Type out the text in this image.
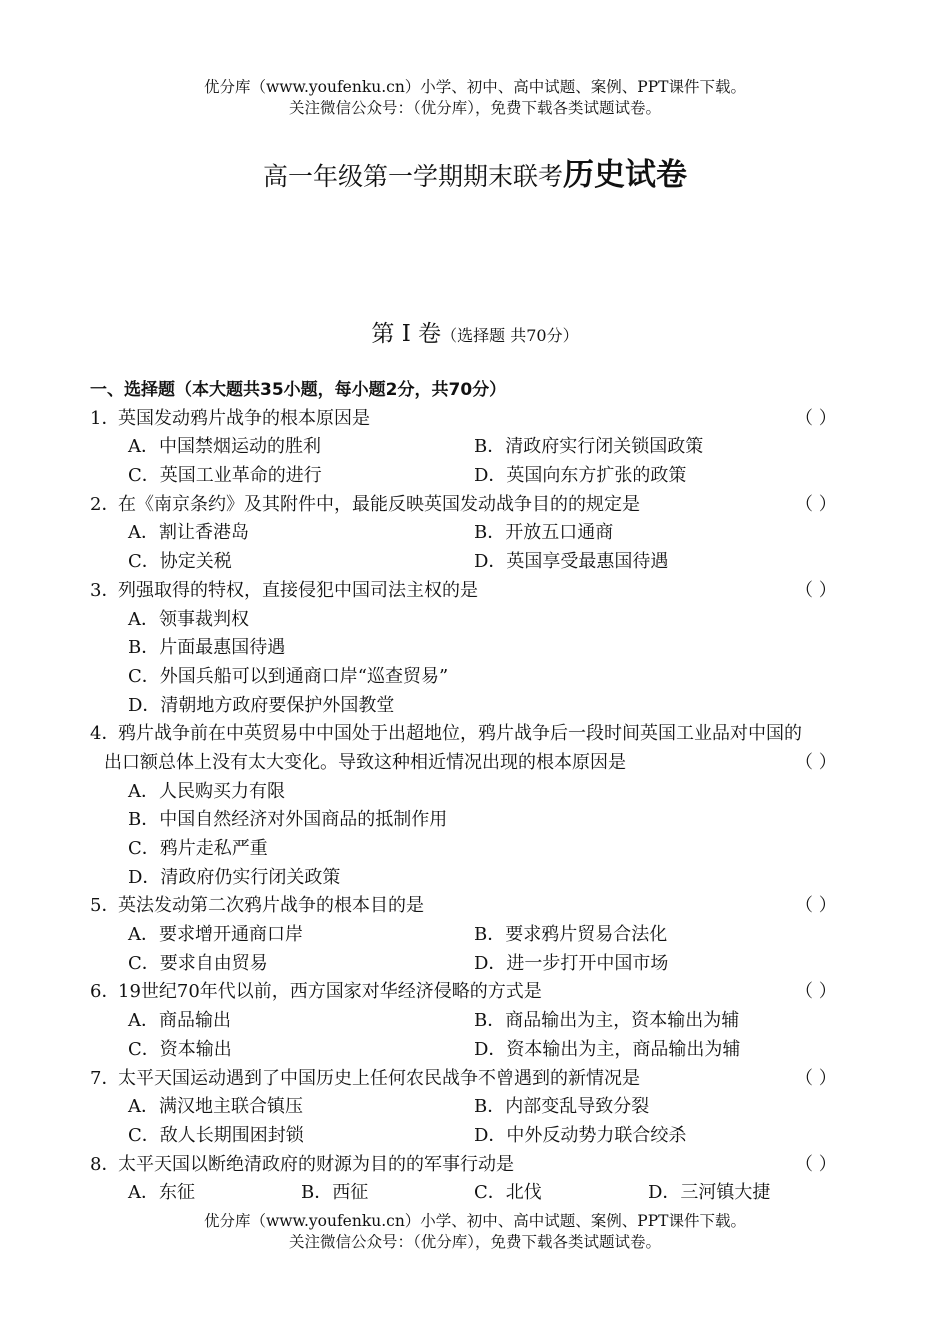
优分库（www.youfenku.cn）小学、初中、高中试题、案例、PPT课件下载。
关注微信公众号：（优分库），免费下载各类试题试卷。
高一年级第一学期期末联考历史试卷
第 I 卷（选择题 共70分）
一、选择题（本大题共35小题，每小题2分，共70分）
1．英国发动鸦片战争的根本原因是	（ ）
A．中国禁烟运动的胜利	B．清政府实行闭关锁国政策
C．英国工业革命的进行	D．英国向东方扩张的政策
2．在《南京条约》及其附件中，最能反映英国发动战争目的的规定是	（ ）
A．割让香港岛	B．开放五口通商
C．协定关税	D．英国享受最惠国待遇
3．列强取得的特权，直接侵犯中国司法主权的是	（ ）
A．领事裁判权
B．片面最惠国待遇
C．外国兵船可以到通商口岸“巡查贸易”
D．清朝地方政府要保护外国教堂
4．鸦片战争前在中英贸易中中国处于出超地位，鸦片战争后一段时间英国工业品对中国的
出口额总体上没有太大变化。导致这种相近情况出现的根本原因是	（ ）
A．人民购买力有限
B．中国自然经济对外国商品的抵制作用
C．鸦片走私严重
D．清政府仍实行闭关政策
5．英法发动第二次鸦片战争的根本目的是	（ ）
A．要求增开通商口岸	B．要求鸦片贸易合法化
C．要求自由贸易	D．进一步打开中国市场
6．19世纪70年代以前，西方国家对华经济侵略的方式是	（ ）
A．商品输出	B．商品输出为主，资本输出为辅
C．资本输出	D．资本输出为主，商品输出为辅
7．太平天国运动遇到了中国历史上任何农民战争不曾遇到的新情况是	（ ）
A．满汉地主联合镇压	B．内部变乱导致分裂
C．敌人长期围困封锁	D．中外反动势力联合绞杀
8．太平天国以断绝清政府的财源为目的的军事行动是	（ ）
A．东征	B．西征	C．北伐	D．三河镇大捷
优分库（www.youfenku.cn）小学、初中、高中试题、案例、PPT课件下载。
关注微信公众号：（优分库），免费下载各类试题试卷。
